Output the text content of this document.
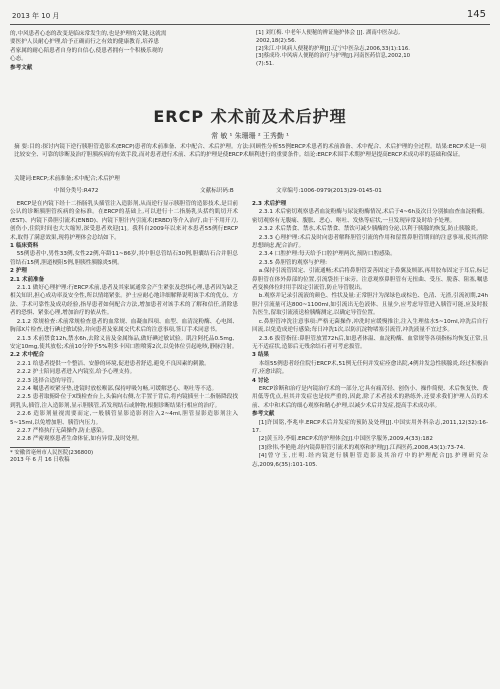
2013 年 10 月	145

的,中风患者心态的改变是临床常发生的,也是护理的关键,这就需

要医护人员耐心护理,给予正确而行之有效的健康教育,培养患

者家属的耐心陪患者自身的自信心,使患者拥有一个积极乐观的

心态。

参考文献

[1] 刘红梅. 中老年人便秘的辨证施护体会 [J]. 湖南中医杂志,

2002,18(2):56.

[2]朱江.中风病人便秘的护理[J].辽宁中医杂志,2006,33(1):116.

[3]蔡成玲.中风病人便秘的治疗与护理[J].河南医药信息,2002,10

(7):51.

ERCP 术术前及术后护理
常 敏 ¹ 朱珊珊 ² 王秀勤 ¹
摘 要:目的:探讨内镜下逆行胰胆管造影术(ERCP)患者的术前准备、术中配合、术后护理。方法:回顾性分析55例ERCP术患者的术前准备、术中配合、术后护理的全过程。结果:ERCP术是一项比较安全、可靠的诊断及治疗胆胰疾病的有效手段,而对患者进行术前、术后的护理是使ERCP术顺利进行的重要条件。结论:ERCP术围手术期护理是提高ERCP术成功率的基础和保证。
关键词:ERCP;术前准备;术中配合;术后护理
中图分类号:R472	文献标识码:B	文章编号:1006-0979(2013)29-0145-01

ERCP是在内镜下经十二指肠乳头插管注入造影剂,从而逆行显示胰胆管的造影技术,是目前公认的诊断胰胆管疾病的金标准。在ERCP的基础上,可以进行十二指肠乳头括约肌切开术(EST)、内镜下鼻胆引流术(ENBD)、内镜下胆汁内引流术(ERBD)等介入治疗,由于不用开刀,创伤小,住院时间也大大缩短,深受患者欢迎[1]。我科自2009年以来对本患者55例行ERCP术,取得了满意效果,现将护理体会总结如下。

1 临床资料

55例患者中,男性33例,女性22例,年龄11~86岁,其中胆总管结石30例,胆囊结石合并胆总管结石15例,胆道梗阻5例,胆胰性胰腺炎5例。

2 护理

2.1 术前准备

2.1.1 做好心理护理:行ERCP术前,患者及其家属通常会产生紧张及恐惧心理,患者因为缺乏相关知识,担心成功率及安全性,所以情绪紧张。护士应耐心地详细解释说明该手术的优点、方法、手术可靠性及成功经验,指导患者如何配合方法,增加患者对该手术的了解和信任,消除患者的恐惧、紧张心理,增加治疗的依从性。

2.1.2 常规检查:术前常规检查患者的血常规、血凝血四项、血型、血清淀粉酶、心电图、胸部X片检查,进行碘过敏试验,并向患者及家属交代术后的注意事项,签订手术同意书。

2.1.3 术前禁食12h,禁水6h,去除义齿及金属饰品,做好碘过敏试验。肌注阿托品0.5mg、安定10mg,使其放松;术前10分钟予5%利多卡因口腔喷雾2次,以免体位引起呛咳,静脉注射。

2.2 术中配合

2.2.1 给患者提供一个整洁、安静的环境,促进患者舒适,避免不良因素的刺激。

2.2.2 护士陪同患者进入内镜室,给予心理支持。

2.2.3 选择合适的导管。

2.2.4 嘱患者咬紧牙垫,进镜时放松喉部,保持呼吸匀畅,可缓解恶心、呕吐等不适。

2.2.5 患者取俯卧位于X线检查台上,头偏向右侧,左手置于背后,将内镜插至十二指肠降段找到乳头,插管,注入造影剂,显示胆胰管,若发现结石或肿物,根据诊断结果行相应的治疗。

2.2.6 造影剂量视需要而定,一般胰管显影造影剂注入2~4ml,胆管显影造影剂注入5~15ml,以免增加胆、胰管内压力。

2.2.7 严格执行无菌操作,防止感染。

2.2.8 严密观察患者生命体征,如有异常,及时处理。

* 安徽省亳州市人民医院(236800)

2013 年 6 月 16 日收稿

2.3 术后护理

2.3.1 术后密切观察患者血淀粉酶与尿淀粉酶情况,术后于4~6h及次日分别抽血查血淀粉酶。密切观察有无腹痛、腹胀、恶心、呕吐、发热等症状,一旦发现异常及时给予处理。

2.3.2 术后禁食、禁水,术后禁食、禁饮可减少胰酶的分泌,以利于胰腺的恢复,防止胰腺炎。

2.3.3 心理护理:术后及时向患者解释胆管引流的作用和留置鼻胆管期间的注意事项,使其消除思想顾虑,配合治疗。

2.3.4 口腔护理:每天给予口腔护理两次,预防口腔感染。

2.3.5 鼻胆管的观察与护理:

a.保持引流管固定、引流通畅;术后将鼻胆管妥善固定于鼻翼及颊部,再用胶布固定于耳后,标记鼻胆管在体外鼻部的位置,引流袋挂于床旁。注意观察鼻胆管有无扭曲、受压、脱落、阻塞,嘱患者变换体位时用手固定引流管,防止导管脱出。

b.观察并记录引流液的颜色、性状及量:正常胆汁为深绿色或棕色、色清、无渣,引流初期,24h胆汁引流量可达800~1100ml,如引流出无色液体、且量少,应考虑导管进入胰管可能,应及时报告医生,留取引流液送检胰酶测定,以确定导管位置。

c.鼻胆管冲洗注意事项:严格无菌操作,冲洗时应缓慢推注,注入生理盐水5~10ml,冲洗后自行回流,以免造成逆行感染;每日冲洗1次,以防沉淀物堵塞引流管,冲洗液量不宜过多。

2.3.6 拔管指征:鼻胆管放置72h后,如患者体温、血淀粉酶、血常规等各项指标均恢复正常,且无不适症状,造影后无残余结石者可考虑拔管。

3 结果

本组55例患者经住院行ERCP术,51例无任何并发症痊愈出院,4例并发急性胰腺炎,经过积极治疗,痊愈出院。

4 讨论

ERCP诊断和治疗是内镜治疗术的一部分,它具有痛苦轻、创伤小、操作简便、术后恢复快、费用低等优点,但其并发症也是较严重的,因此,除了术者技术的熟练外,还要求我们护理人员的术前、术中和术后的细心观察和精心护理,以减少术后并发症,提高手术成功率。

参考文献

[1]许国铭,李兆申.ERCP术后并发症的预防及处理[J].中国实用外科杂志,2011,12(32):16-17.

[2]黄玉玲,李娟.ERCP术的护理体会[J].中国医学服务,2009,4(33):182

[3]徐伟,李艳艳.经内镜鼻胆管引流术的观察和护理[J].江西医药,2008,43(1):73-74.

[4]曾守玉,庄明.经内镜逆行胰胆管造影及其治疗中的护理配合[J].护理研究杂志,2009,6(35):101-105.
